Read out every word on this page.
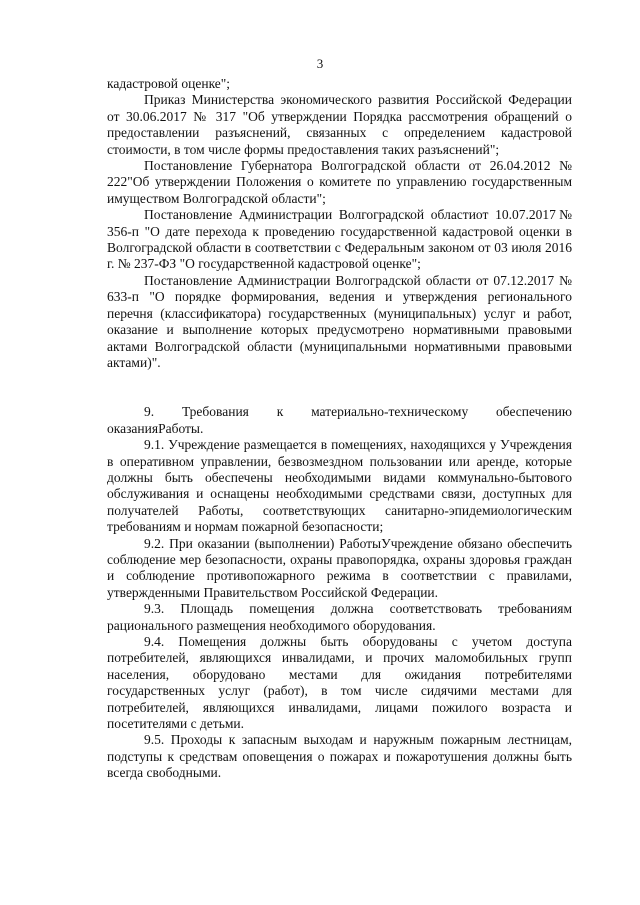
3

кадастровой оценке";

Приказ Министерства экономического развития Российской Федерации от 30.06.2017 № 317 "Об утверждении Порядка рассмотрения обращений о предоставлении разъяснений, связанных с определением кадастровой стоимости, в том числе формы предоставления таких разъяснений";

Постановление Губернатора Волгоградской области от 26.04.2012 № 222"Об утверждении Положения о комитете по управлению государственным имуществом Волгоградской области";

Постановление Администрации Волгоградской областиот 10.07.2017№ 356-п "О дате перехода к проведению государственной кадастровой оценки в Волгоградской области в соответствии с Федеральным законом от 03 июля 2016 г. № 237-ФЗ "О государственной кадастровой оценке";

Постановление Администрации Волгоградской области от 07.12.2017 № 633-п "О порядке формирования, ведения и утверждения регионального перечня (классификатора) государственных (муниципальных) услуг и работ, оказание и выполнение которых предусмотрено нормативными правовыми актами Волгоградской области (муниципальными нормативными правовыми актами)".

9. Требования к материально-техническому обеспечению оказанияРаботы.

9.1. Учреждение размещается в помещениях, находящихся у Учреждения в оперативном управлении, безвозмездном пользовании или аренде, которые должны быть обеспечены необходимыми видами коммунально-бытового обслуживания и оснащены необходимыми средствами связи, доступных для получателей Работы, соответствующих санитарно-эпидемиологическим требованиям и нормам пожарной безопасности;

9.2. При оказании (выполнении) РаботыУчреждение обязано обеспечить соблюдение мер безопасности, охраны правопорядка, охраны здоровья граждан и соблюдение противопожарного режима в соответствии с правилами, утвержденными Правительством Российской Федерации.

9.3. Площадь помещения должна соответствовать требованиям рационального размещения необходимого оборудования.

9.4. Помещения должны быть оборудованы с учетом доступа потребителей, являющихся инвалидами, и прочих маломобильных групп населения, оборудовано местами для ожидания потребителями государственных услуг (работ), в том числе сидячими местами для потребителей, являющихся инвалидами, лицами пожилого возраста и посетителями с детьми.

9.5. Проходы к запасным выходам и наружным пожарным лестницам, подступы к средствам оповещения о пожарах и пожаротушения должны быть всегда свободными.
